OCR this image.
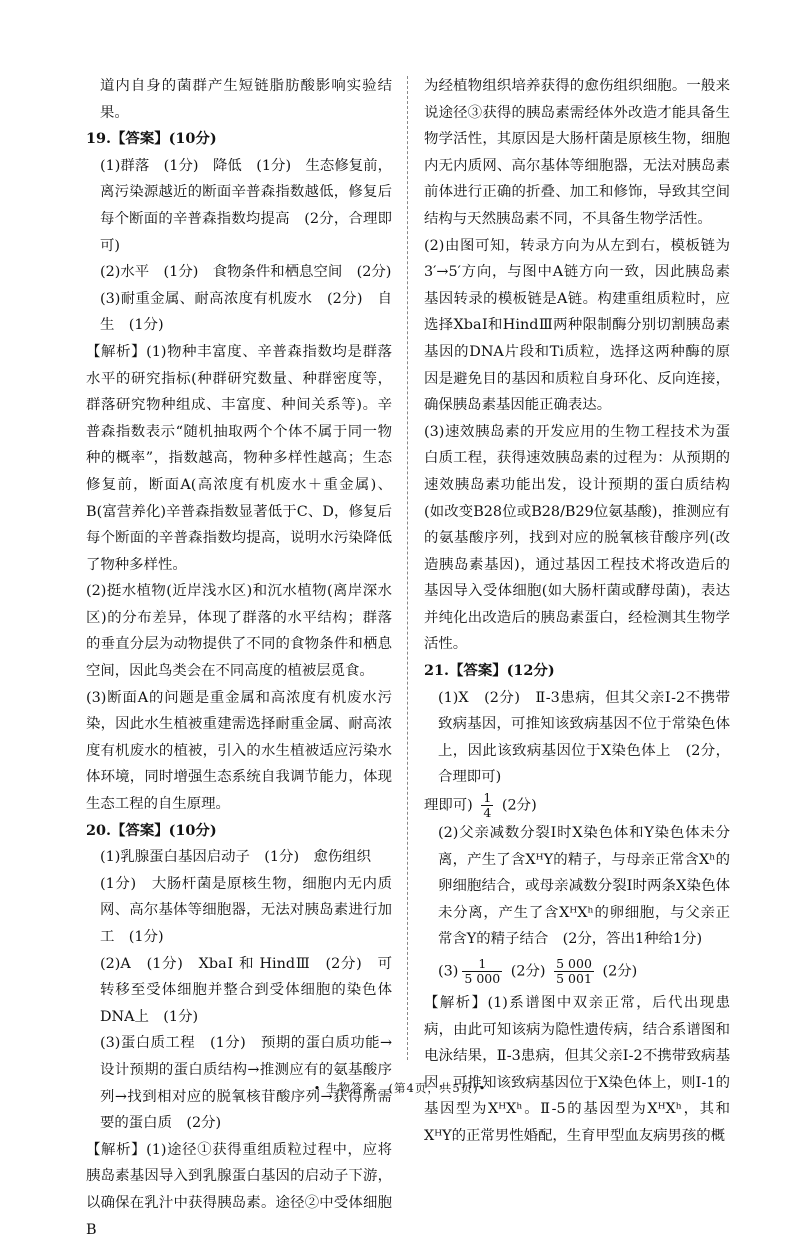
道内自身的菌群产生短链脂肪酸影响实验结果。

19.【答案】(10分)

(1)群落　(1分)　降低　(1分)　生态修复前，离污染源越近的断面辛普森指数越低，修复后每个断面的辛普森指数均提高　(2分，合理即可)

(2)水平　(1分)　食物条件和栖息空间　(2分)

(3)耐重金属、耐高浓度有机废水　(2分)　自生　(1分)

【解析】(1)物种丰富度、辛普森指数均是群落水平的研究指标(种群研究数量、种群密度等，群落研究物种组成、丰富度、种间关系等)。辛普森指数表示“随机抽取两个个体不属于同一物种的概率”，指数越高，物种多样性越高；生态修复前，断面A(高浓度有机废水＋重金属)、B(富营养化)辛普森指数显著低于C、D，修复后每个断面的辛普森指数均提高，说明水污染降低了物种多样性。

(2)挺水植物(近岸浅水区)和沉水植物(离岸深水区)的分布差异，体现了群落的水平结构；群落的垂直分层为动物提供了不同的食物条件和栖息空间，因此鸟类会在不同高度的植被层觅食。

(3)断面A的问题是重金属和高浓度有机废水污染，因此水生植被重建需选择耐重金属、耐高浓度有机废水的植被，引入的水生植被适应污染水体环境，同时增强生态系统自我调节能力，体现生态工程的自生原理。

20.【答案】(10分)

(1)乳腺蛋白基因启动子　(1分)　愈伤组织

(1分)　大肠杆菌是原核生物，细胞内无内质网、高尔基体等细胞器，无法对胰岛素进行加工　(1分)

(2)A　(1分)　XbaⅠ 和 HindⅢ　(2分)　可转移至受体细胞并整合到受体细胞的染色体DNA上　(1分)

(3)蛋白质工程　(1分)　预期的蛋白质功能→设计预期的蛋白质结构→推测应有的氨基酸序列→找到相对应的脱氧核苷酸序列→获得所需要的蛋白质　(2分)

【解析】(1)途径①获得重组质粒过程中，应将胰岛素基因导入到乳腺蛋白基因的启动子下游，以确保在乳汁中获得胰岛素。途径②中受体细胞B

为经植物组织培养获得的愈伤组织细胞。一般来说途径③获得的胰岛素需经体外改造才能具备生物学活性，其原因是大肠杆菌是原核生物，细胞内无内质网、高尔基体等细胞器，无法对胰岛素前体进行正确的折叠、加工和修饰，导致其空间结构与天然胰岛素不同，不具备生物学活性。

(2)由图可知，转录方向为从左到右，模板链为3′→5′方向，与图中A链方向一致，因此胰岛素基因转录的模板链是A链。构建重组质粒时，应选择XbaⅠ和HindⅢ两种限制酶分别切割胰岛素基因的DNA片段和Ti质粒，选择这两种酶的原因是避免目的基因和质粒自身环化、反向连接，确保胰岛素基因能正确表达。

(3)速效胰岛素的开发应用的生物工程技术为蛋白质工程，获得速效胰岛素的过程为：从预期的速效胰岛素功能出发，设计预期的蛋白质结构(如改变B28位或B28/B29位氨基酸)，推测应有的氨基酸序列，找到对应的脱氧核苷酸序列(改造胰岛素基因)，通过基因工程技术将改造后的基因导入受体细胞(如大肠杆菌或酵母菌)，表达并纯化出改造后的胰岛素蛋白，经检测其生物学活性。

21.【答案】(12分)

(1)X　(2分)　Ⅱ-3患病，但其父亲Ⅰ-2不携带致病基因，可推知该致病基因不位于常染色体上，因此该致病基因位于X染色体上　(2分，合理即可)

理即可) $\frac{1}{4} (2$分)

(2)父亲减数分裂Ⅰ时X染色体和Y染色体未分离，产生了含XᴴY的精子，与母亲正常含Xʰ的卵细胞结合，或母亲减数分裂Ⅰ时两条X染色体未分离，产生了含XᴴXʰ的卵细胞，与父亲正常含Y的精子结合　(2分，答出1种给1分)

$(3) \frac{1}{5 000} (2$分) $\frac{5 000}{5 001} (2$分)

【解析】(1)系谱图中双亲正常，后代出现患病，由此可知该病为隐性遗传病，结合系谱图和电泳结果，Ⅱ-3患病，但其父亲Ⅰ-2不携带致病基因，可推知该致病基因位于X染色体上，则Ⅰ-1的基因型为XᴴXʰ。Ⅱ-5的基因型为XᴴXʰ，其和XᴴY的正常男性婚配，生育甲型血友病男孩的概

• 生物答案　(第4页，共5页)•
